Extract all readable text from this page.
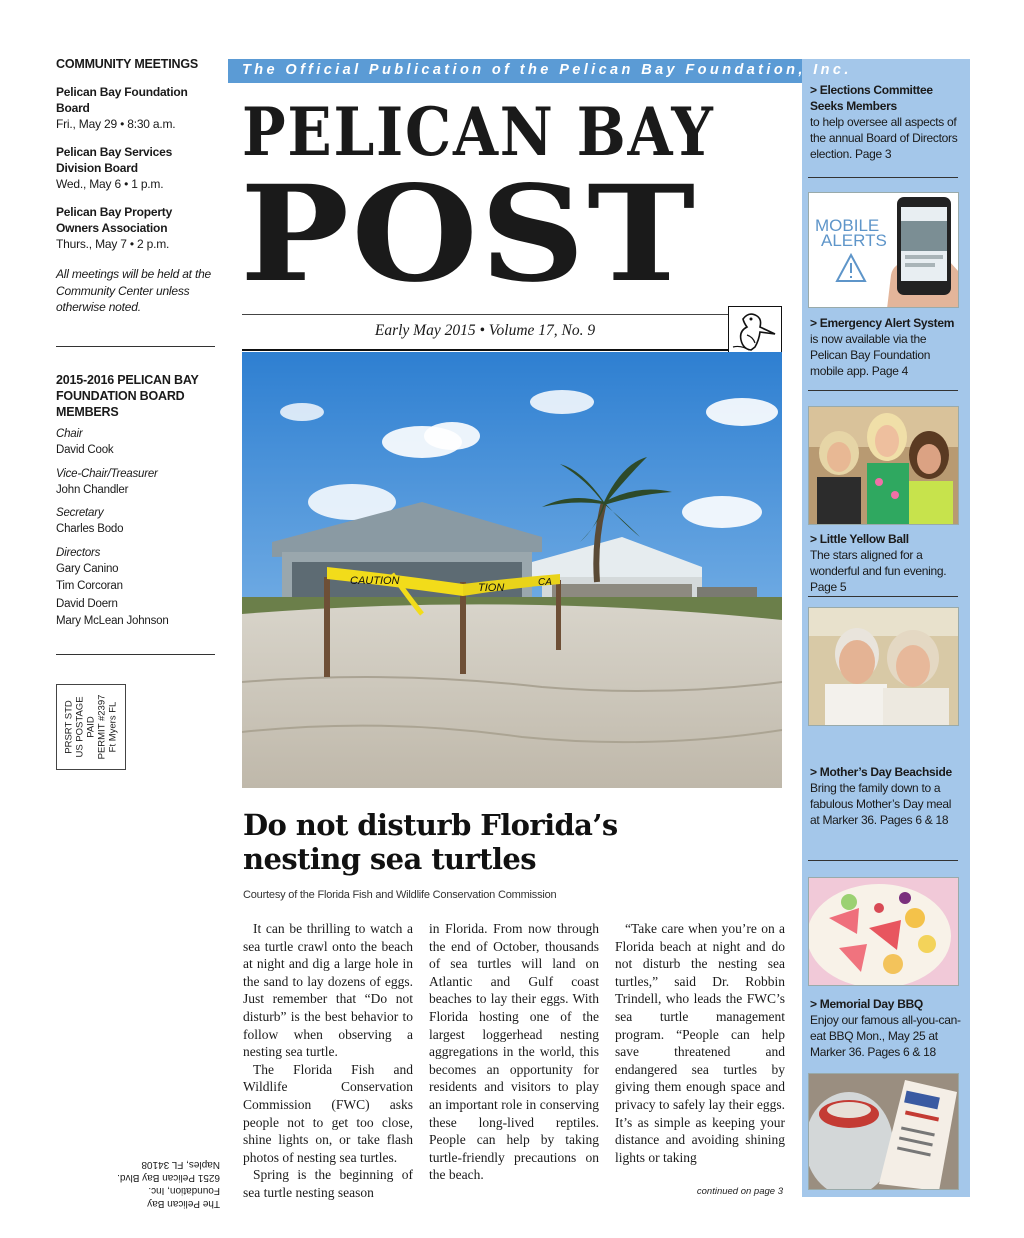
COMMUNITY MEETINGS
Pelican Bay Foundation Board
Fri., May 29 • 8:30 a.m.
Pelican Bay Services Division Board
Wed., May 6 • 1 p.m.
Pelican Bay Property Owners Association
Thurs., May 7 • 2 p.m.
All meetings will be held at the Community Center unless otherwise noted.
2015-2016 PELICAN BAY FOUNDATION BOARD MEMBERS
Chair
David Cook
Vice-Chair/Treasurer
John Chandler
Secretary
Charles Bodo
Directors
Gary Canino
Tim Corcoran
David Doern
Mary McLean Johnson
PRSRT STD US POSTAGE PAID PERMIT #2397 Ft Myers FL
The Pelican Bay Foundation, Inc.
6251 Pelican Bay Blvd.
Naples, FL 34108
The Official Publication of the Pelican Bay Foundation, Inc.
PELICAN BAY
POST
Early May 2015 • Volume 17, No. 9
CAUTION
TION	CA
Do not disturb Florida’s
nesting sea turtles
Courtesy of the Florida Fish and Wildlife Conservation Commission

It can be thrilling to watch a sea turtle crawl onto the beach at night and dig a large hole in the sand to lay dozens of eggs. Just remember that “Do not disturb” is the best behavior to follow when observing a nesting sea turtle.

The Florida Fish and Wildlife Conservation Commission (FWC) asks people not to get too close, shine lights on, or take flash photos of nesting sea turtles.

Spring is the beginning of sea turtle nesting season

in Florida. From now through the end of October, thousands of sea turtles will land on Atlantic and Gulf coast beaches to lay their eggs. With Florida hosting one of the largest loggerhead nesting aggregations in the world, this becomes an opportunity for residents and visitors to play an important role in conserving these long-lived reptiles. People can help by taking turtle-friendly precautions on the beach.

“Take care when you’re on a Florida beach at night and do not disturb the nesting sea turtles,” said Dr. Robbin Trindell, who leads the FWC’s sea turtle management program. “People can help save threatened and endangered sea turtles by giving them enough space and privacy to safely lay their eggs. It’s as simple as keeping your distance and avoiding shining lights or taking

continued on page 3
> Elections Committee Seeks Members
to help oversee all aspects of the annual Board of Directors election. Page 3
MOBILE
ALERTS
> Emergency Alert System
is now available via the Pelican Bay Foundation mobile app. Page 4
> Little Yellow Ball
The stars aligned for a wonderful and fun evening. Page 5
> Mother’s Day Beachside
Bring the family down to a fabulous Mother’s Day meal at Marker 36. Pages 6 & 18
> Memorial Day BBQ
Enjoy our famous all-you-can-eat BBQ Mon., May 25 at Marker 36. Pages 6 & 18
